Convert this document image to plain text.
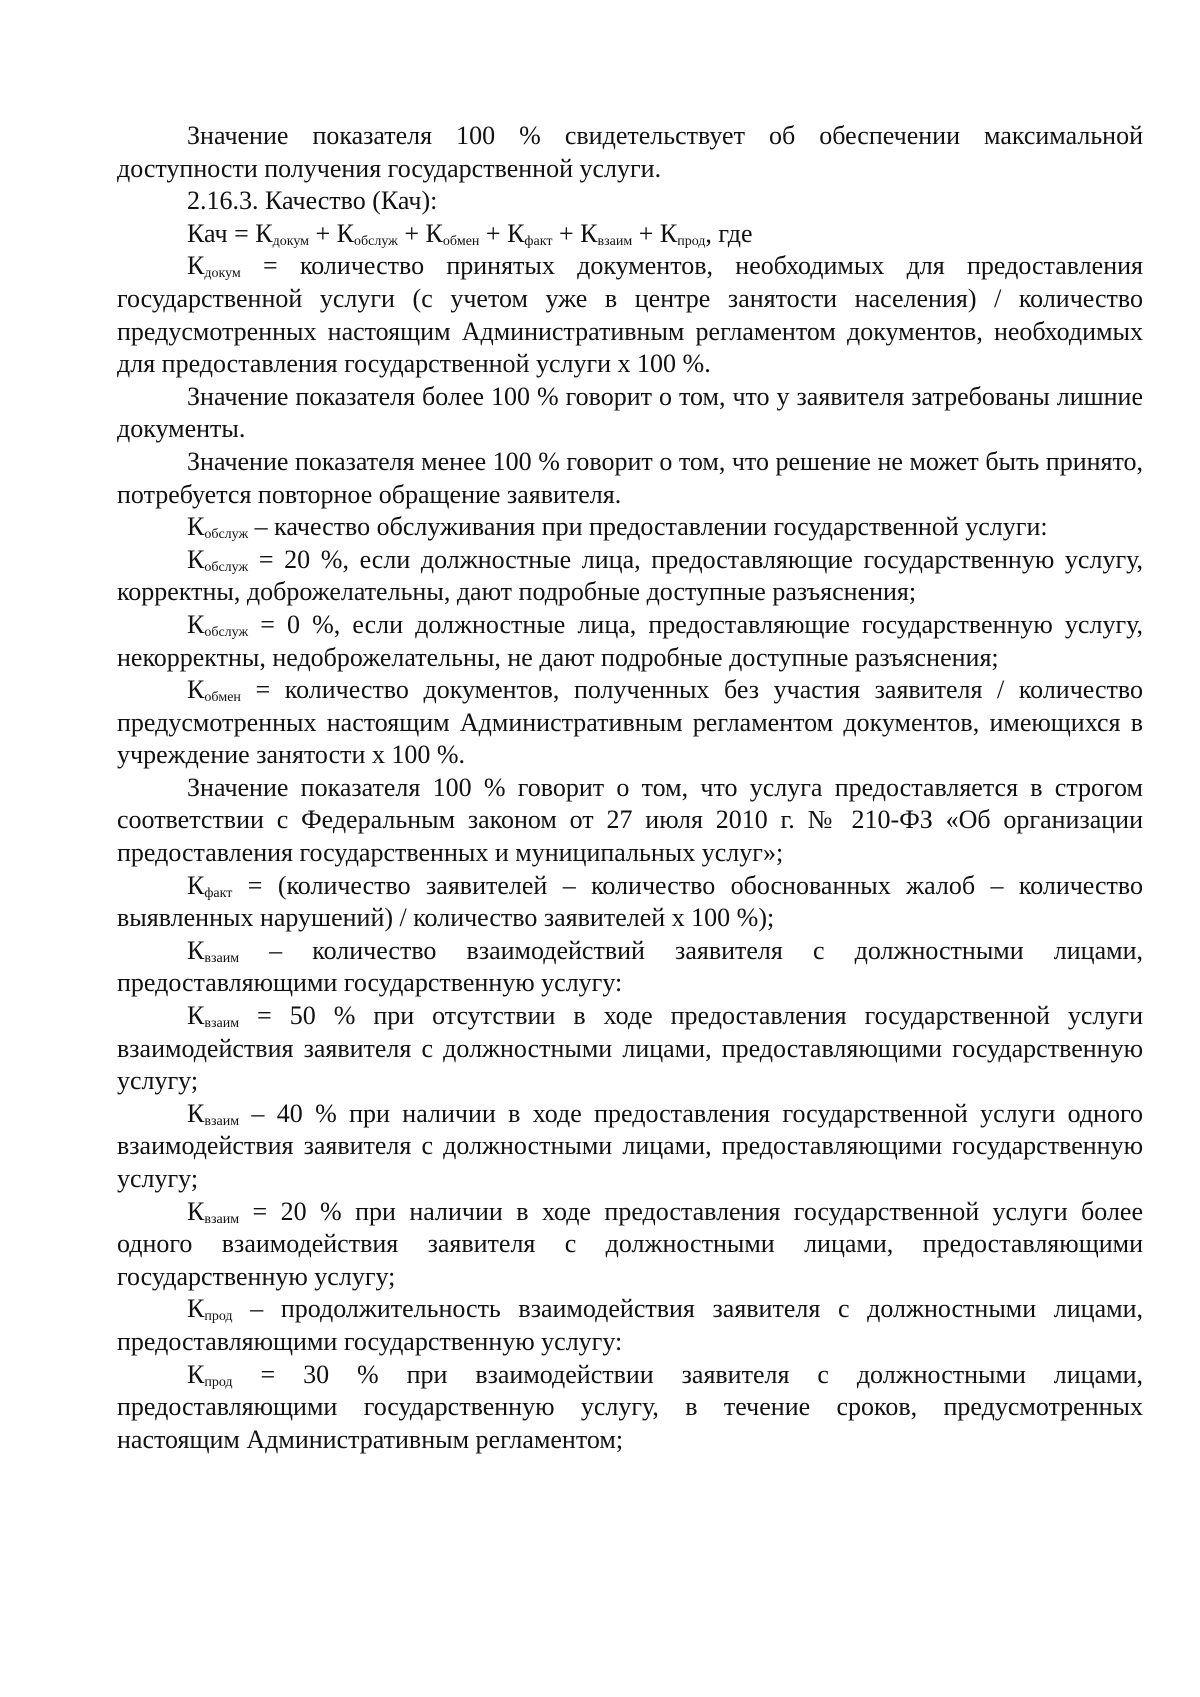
Значение показателя 100 % свидетельствует об обеспечении максимальной доступности получения государственной услуги.

2.16.3. Качество (Кач):

Кач = $К_{докум} + К_{обслуж} + К_{обмен} + К_{факт} + К_{взаим} + К_{прод}$, где

$К_{докум}$ = количество принятых документов, необходимых для предоставления государственной услуги (с учетом уже в центре занятости населения) / количество предусмотренных настоящим Административным регламентом документов, необходимых для предоставления государственной услуги х 100 %.

Значение показателя более 100 % говорит о том, что у заявителя затребованы лишние документы.

Значение показателя менее 100 % говорит о том, что решение не может быть принято, потребуется повторное обращение заявителя.

$К_{обслуж}$ – качество обслуживания при предоставлении государственной услуги:

$К_{обслуж} = 20$ %, если должностные лица, предоставляющие государственную услугу, корректны, доброжелательны, дают подробные доступные разъяснения;

$К_{обслуж} = 0$ %, если должностные лица, предоставляющие государственную услугу, некорректны, недоброжелательны, не дают подробные доступные разъяснения;

$К_{обмен}$ = количество документов, полученных без участия заявителя / количество предусмотренных настоящим Административным регламентом документов, имеющихся в учреждение занятости х 100 %.

Значение показателя 100 % говорит о том, что услуга предоставляется в строгом соответствии с Федеральным законом от 27 июля 2010 г. № 210-ФЗ «Об организации предоставления государственных и муниципальных услуг»;

$К_{факт}$ = (количество заявителей – количество обоснованных жалоб – количество выявленных нарушений) / количество заявителей х 100 %);

$К_{взаим}$ – количество взаимодействий заявителя с должностными лицами, предоставляющими государственную услугу:

$К_{взаим} = 50$ % при отсутствии в ходе предоставления государственной услуги взаимодействия заявителя с должностными лицами, предоставляющими государственную услугу;

$К_{взаим} - 40$ % при наличии в ходе предоставления государственной услуги одного взаимодействия заявителя с должностными лицами, предоставляющими государственную услугу;

$К_{взаим} = 20$ % при наличии в ходе предоставления государственной услуги более одного взаимодействия заявителя с должностными лицами, предоставляющими государственную услугу;

$К_{прод}$ – продолжительность взаимодействия заявителя с должностными лицами, предоставляющими государственную услугу:

$К_{прод} = 30$ % при взаимодействии заявителя с должностными лицами, предоставляющими государственную услугу, в течение сроков, предусмотренных настоящим Административным регламентом;
